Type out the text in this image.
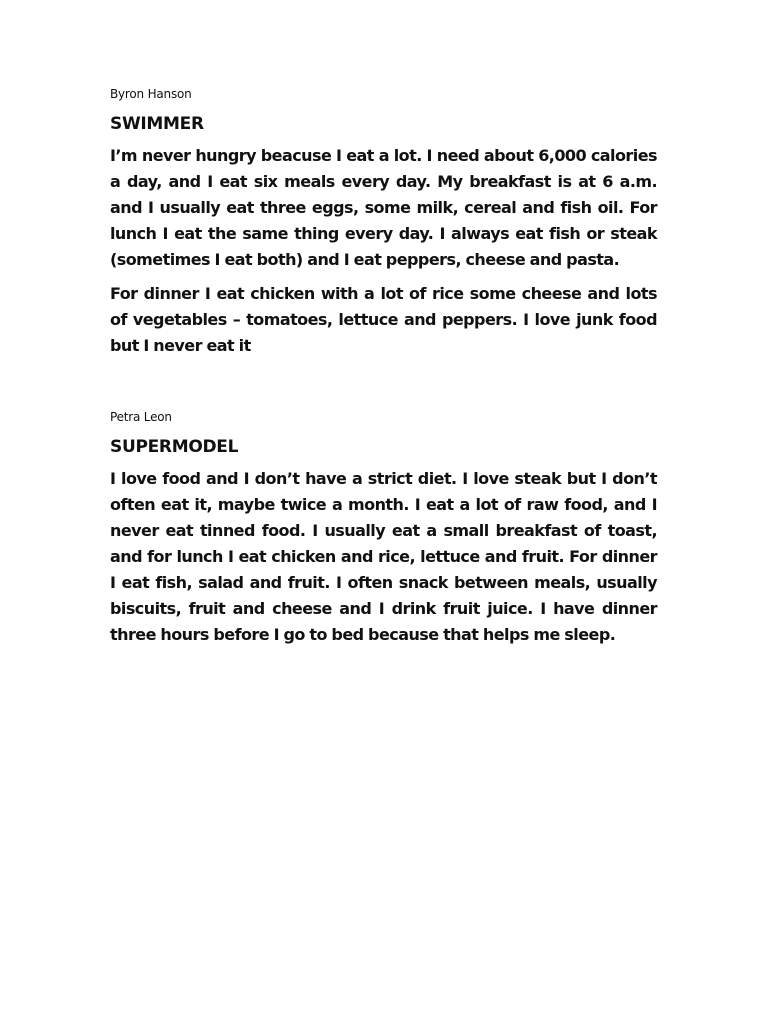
Byron Hanson
SWIMMER

I’m never hungry beacuse I eat a lot. I need about 6,000 calories a day, and I eat six meals every day. My breakfast is at 6 a.m. and I usually eat three eggs, some milk, cereal and fish oil. For lunch I eat the same thing every day. I always eat fish or steak (sometimes I eat both) and I eat peppers, cheese and pasta.

For dinner I eat chicken with a lot of rice some cheese and lots of vegetables – tomatoes, lettuce and peppers. I love junk food but I never eat it

Petra Leon
SUPERMODEL

I love food and I don’t have a strict diet. I love steak but I don’t often eat it, maybe twice a month. I eat a lot of raw food, and I never eat tinned food. I usually eat a small breakfast of toast, and for lunch I eat chicken and rice, lettuce and fruit. For dinner I eat fish, salad and fruit. I often snack between meals, usually biscuits, fruit and cheese and I drink fruit juice. I have dinner three hours before I go to bed because that helps me sleep.
